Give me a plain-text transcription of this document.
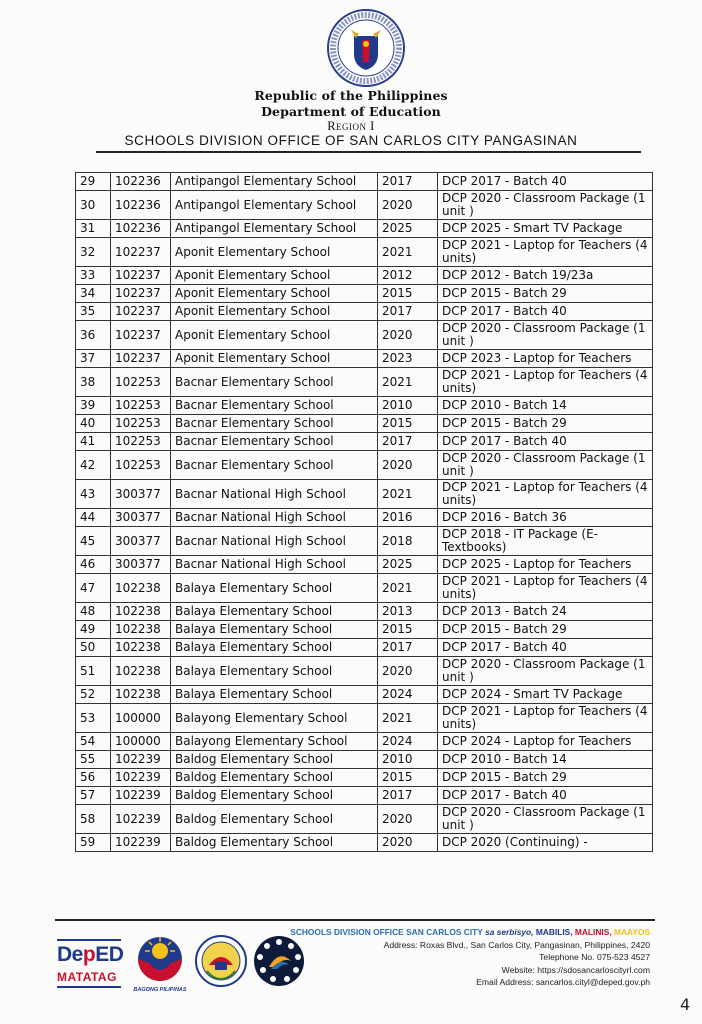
Republic of the Philippines
Department of Education
Region I
SCHOOLS DIVISION OFFICE OF SAN CARLOS CITY PANGASINAN
29	102236	Antipangol Elementary School	2017	DCP 2017 - Batch 40
30	102236	Antipangol Elementary School	2020	DCP 2020 - Classroom Package (1 unit )
31	102236	Antipangol Elementary School	2025	DCP 2025 - Smart TV Package
32	102237	Aponit Elementary School	2021	DCP 2021 - Laptop for Teachers (4 units)
33	102237	Aponit Elementary School	2012	DCP 2012 - Batch 19/23a
34	102237	Aponit Elementary School	2015	DCP 2015 - Batch 29
35	102237	Aponit Elementary School	2017	DCP 2017 - Batch 40
36	102237	Aponit Elementary School	2020	DCP 2020 - Classroom Package (1 unit )
37	102237	Aponit Elementary School	2023	DCP 2023 - Laptop for Teachers
38	102253	Bacnar Elementary School	2021	DCP 2021 - Laptop for Teachers (4 units)
39	102253	Bacnar Elementary School	2010	DCP 2010 - Batch 14
40	102253	Bacnar Elementary School	2015	DCP 2015 - Batch 29
41	102253	Bacnar Elementary School	2017	DCP 2017 - Batch 40
42	102253	Bacnar Elementary School	2020	DCP 2020 - Classroom Package (1 unit )
43	300377	Bacnar National High School	2021	DCP 2021 - Laptop for Teachers (4 units)
44	300377	Bacnar National High School	2016	DCP 2016 - Batch 36
45	300377	Bacnar National High School	2018	DCP 2018 - IT Package (E-Textbooks)
46	300377	Bacnar National High School	2025	DCP 2025 - Laptop for Teachers
47	102238	Balaya Elementary School	2021	DCP 2021 - Laptop for Teachers (4 units)
48	102238	Balaya Elementary School	2013	DCP 2013 - Batch 24
49	102238	Balaya Elementary School	2015	DCP 2015 - Batch 29
50	102238	Balaya Elementary School	2017	DCP 2017 - Batch 40
51	102238	Balaya Elementary School	2020	DCP 2020 - Classroom Package (1 unit )
52	102238	Balaya Elementary School	2024	DCP 2024 - Smart TV Package
53	100000	Balayong Elementary School	2021	DCP 2021 - Laptop for Teachers (4 units)
54	100000	Balayong Elementary School	2024	DCP 2024 - Laptop for Teachers
55	102239	Baldog Elementary School	2010	DCP 2010 - Batch 14
56	102239	Baldog Elementary School	2015	DCP 2015 - Batch 29
57	102239	Baldog Elementary School	2017	DCP 2017 - Batch 40
58	102239	Baldog Elementary School	2020	DCP 2020 - Classroom Package (1 unit )
59	102239	Baldog Elementary School	2020	DCP 2020 (Continuing) -
DepED
MATATAG
BAGONG PILIPINAS
SCHOOLS DIVISION OFFICE SAN CARLOS CITY sa serbisyo, MABILIS, MALINIS, MAAYOS
Address: Roxas Blvd., San Carlos City, Pangasinan, Philippines, 2420
Telephone No. 075-523 4527
Website: https://sdosancarloscityrl.com
Email Address: sancarlos.cityl@deped.gov.ph
4
